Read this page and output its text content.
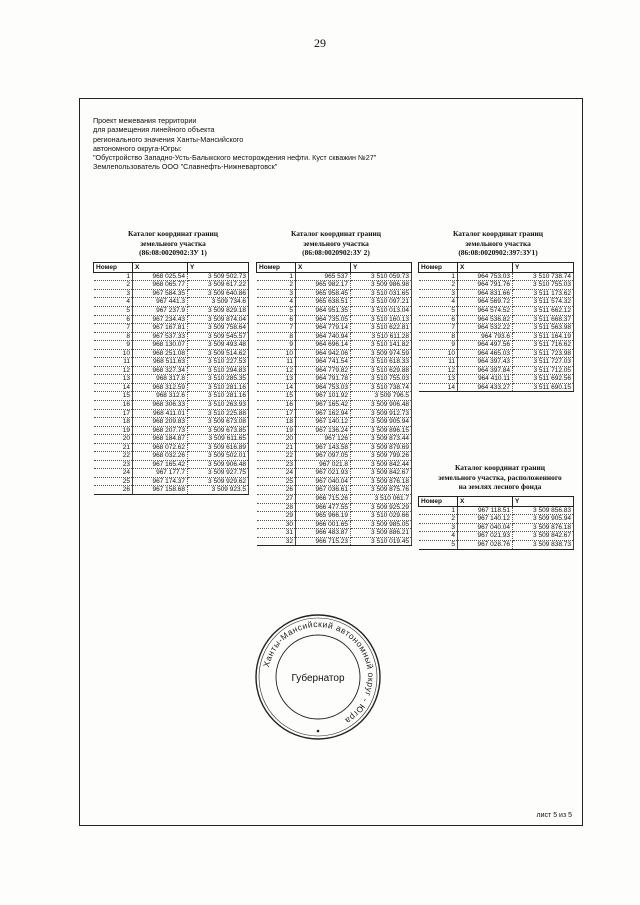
29
Проект межевания территории
для размещения линейного объекта
регионального значения Ханты-Мансийского
автономного округа-Югры:
"Обустройство Западно-Усть-Балыкского месторождения нефти. Куст скважин №27"
Землепользователь ООО "Славнефть-Нижневартовск"
Каталог координат границ
земельного участка
(86:08:0020902:ЗУ 1)
Номер	X	Y
1	968 025.54	3 509 502.73
2	968 065.77	3 509 617.22
3	967 584.35	3 509 640.86
4	967 441.3	3 509 734.6
5	967 237.9	3 509 829.18
6	967 234.43	3 509 874.04
7	967 167.81	3 509 758.64
8	967 537.33	3 509 545.57
9	968 130.07	3 509 493.48
10	968 251.08	3 509 514.62
11	968 511.63	3 510 227.53
12	968 327.34	3 510 294.83
13	968 317.8	3 510 285.35
14	968 312.59	3 510 281.16
15	968 312.6	3 510 281.16
16	968 306.33	3 510 263.93
17	968 411.01	3 510 225.88
18	968 209.83	3 509 673.08
19	968 207.73	3 509 673.85
20	968 184.87	3 509 611.65
21	968 072.62	3 509 616.89
22	968 032.26	3 509 502.01
23	967 165.42	3 509 906.48
24	967 177.7	3 509 927.75
25	967 174.37	3 509 929.62
26	967 158.68	3 509 923.5
Каталог координат границ
земельного участка
(86:08:0020902:ЗУ 2)
Номер	X	Y
1	965 537	3 510 059.73
2	965 982.17	3 509 986.98
3	965 958.45	3 510 031.65
4	965 638.51	3 510 097.21
5	964 951.35	3 510 013.04
6	964 735.05	3 510 160.13
7	964 779.14	3 510 622.81
8	964 740.94	3 510 611.28
9	964 696.14	3 510 141.82
10	964 942.06	3 509 974.59
11	964 741.54	3 510 618.33
12	964 779.82	3 510 629.88
13	964 791.78	3 510 755.03
14	964 753.03	3 510 738.74
15	967 101.92	3 509 796.5
16	967 165.42	3 509 906.48
17	967 162.94	3 509 912.73
18	967 140.12	3 509 905.94
19	967 136.24	3 509 896.15
20	967 126	3 509 873.44
21	967 143.58	3 509 879.69
22	967 097.05	3 509 799.26
23	967 021.8	3 509 842.44
24	967 021.93	3 509 842.67
25	967 040.04	3 509 876.18
26	967 036.61	3 509 875.76
27	966 715.26	3 510 061.7
28	966 477.55	3 509 925.29
29	965 966.19	3 510 029.66
30	966 001.65	3 509 985.05
31	966 483.87	3 509 886.21
32	966 715.23	3 510 019.45
Каталог координат границ
земельного участка
(86:08:0020902:397:ЗУ1)
Номер	X	Y
1	964 753.03	3 510 738.74
2	964 791.76	3 510 755.03
3	964 831.66	3 511 173.62
4	964 569.72	3 511 574.32
5	964 574.52	3 511 662.12
6	964 536.82	3 511 668.37
7	964 532.22	3 511 563.98
8	964 793.6	3 511 164.19
9	964 497.56	3 511 716.62
10	964 465.03	3 511 723.98
11	964 397.43	3 511 727.03
12	964 397.84	3 511 712.05
13	964 410.11	3 511 692.56
14	964 433.27	3 511 690.15
Каталог координат границ
земельного участка, расположенного
на землях лесного фонда
Номер	X	Y
1	967 118.51	3 509 856.83
2	967 140.12	3 509 905.94
3	967 040.04	3 509 876.18
4	967 021.93	3 509 842.67
5	967 028.76	3 509 838.73
Ханты-Мансийский автономный округ - Югра
Губернатор
лист 5 из 5
